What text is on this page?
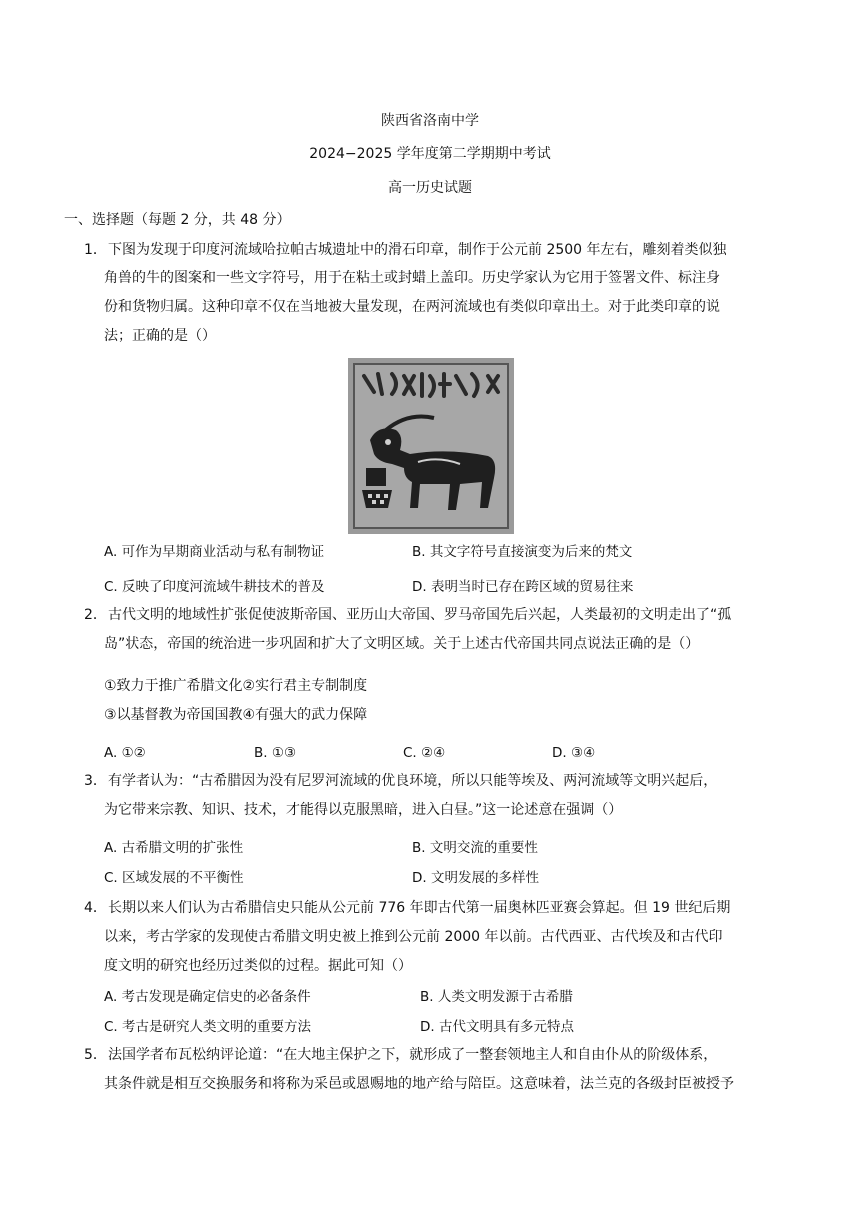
陕西省洛南中学
2024−2025 学年度第二学期期中考试
高一历史试题
一、选择题（每题 2 分，共 48 分）
1． 下图为发现于印度河流域哈拉帕古城遗址中的滑石印章，制作于公元前 2500 年左右，雕刻着类似独
角兽的牛的图案和一些文字符号，用于在粘土或封蜡上盖印。历史学家认为它用于签署文件、标注身
份和货物归属。这种印章不仅在当地被大量发现，在两河流域也有类似印章出土。对于此类印章的说
法；正确的是（）
A. 可作为早期商业活动与私有制物证	B. 其文字符号直接演变为后来的梵文
C. 反映了印度河流域牛耕技术的普及	D. 表明当时已存在跨区域的贸易往来
2． 古代文明的地域性扩张促使波斯帝国、亚历山大帝国、罗马帝国先后兴起，人类最初的文明走出了“孤
岛”状态，帝国的统治进一步巩固和扩大了文明区域。关于上述古代帝国共同点说法正确的是（）
①致力于推广希腊文化②实行君主专制制度
③以基督教为帝国国教④有强大的武力保障
A. ①②	B. ①③	C. ②④	D. ③④
3． 有学者认为：“古希腊因为没有尼罗河流域的优良环境，所以只能等埃及、两河流域等文明兴起后，
为它带来宗教、知识、技术，才能得以克服黑暗，进入白昼。”这一论述意在强调（）
A. 古希腊文明的扩张性	B. 文明交流的重要性
C. 区域发展的不平衡性	D. 文明发展的多样性
4． 长期以来人们认为古希腊信史只能从公元前 776 年即古代第一届奥林匹亚赛会算起。但 19 世纪后期
以来，考古学家的发现使古希腊文明史被上推到公元前 2000 年以前。古代西亚、古代埃及和古代印
度文明的研究也经历过类似的过程。据此可知（）
A. 考古发现是确定信史的必备条件	B. 人类文明发源于古希腊
C. 考古是研究人类文明的重要方法	D. 古代文明具有多元特点
5． 法国学者布瓦松纳评论道：“在大地主保护之下，就形成了一整套领地主人和自由仆从的阶级体系，
其条件就是相互交换服务和将称为采邑或恩赐地的地产给与陪臣。这意味着，法兰克的各级封臣被授予
